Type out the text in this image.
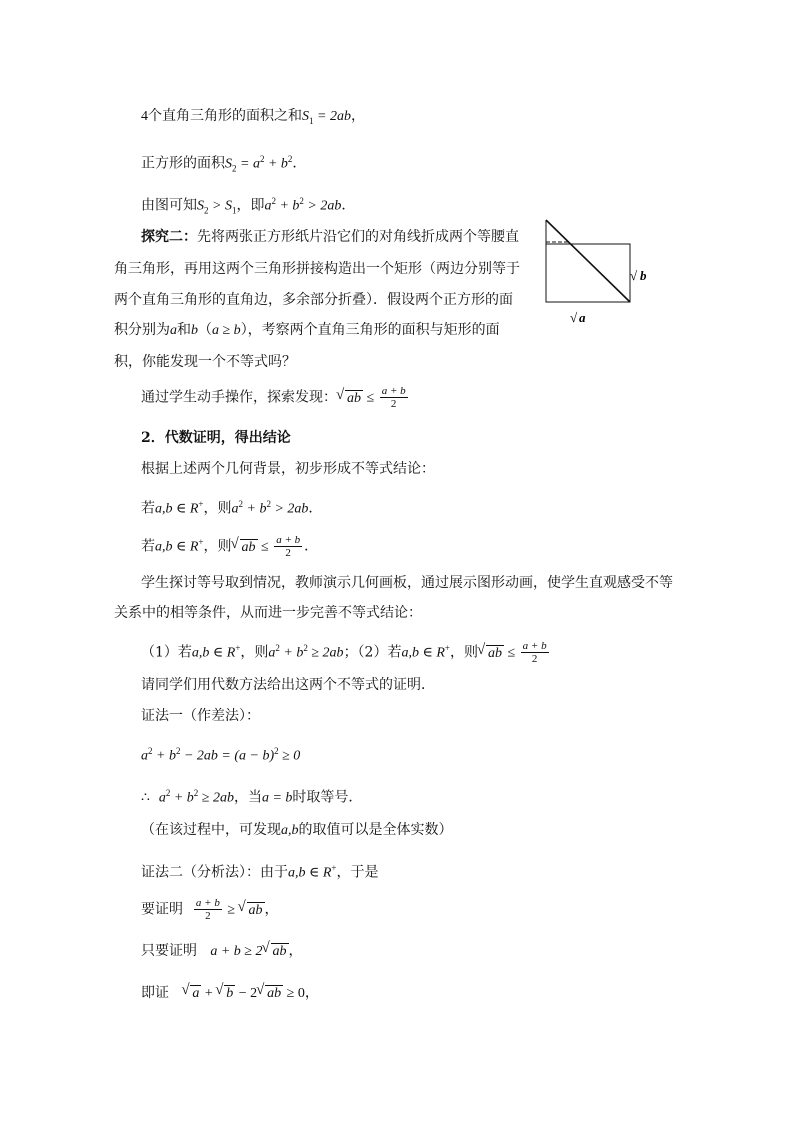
4个直角三角形的面积之和$S_1 = 2ab$，
正方形的面积$S_2 = a^2 + b^2$．
由图可知$S_2 > S_1$，即$a^2 + b^2 > 2ab$．
探究二：先将两张正方形纸片沿它们的对角线折成两个等腰直
角三角形，再用这两个三角形拼接构造出一个矩形（两边分别等于
两个直角三角形的直角边，多余部分折叠）．假设两个正方形的面
积分别为a和b（a ≥ b），考察两个直角三角形的面积与矩形的面
积，你能发现一个不等式吗？
√ b
√ a
通过学生动手操作，探索发现： √ ab ≤ $\frac{a + b}{2}$
2．代数证明，得出结论
根据上述两个几何背景，初步形成不等式结论：
若a,b ∈ R+，则$a^2 + b^2 > 2ab$．
若a,b ∈ R+，则 √ ab ≤ $\frac{a + b}{2}$ ．
学生探讨等号取到情况，教师演示几何画板，通过展示图形动画，使学生直观感受不等
关系中的相等条件，从而进一步完善不等式结论：
（1）若a,b ∈ R+，则$a^2 + b^2 \ge 2ab$；（2）若a,b ∈ R+，则 √ ab ≤ $\frac{a + b}{2}$
请同学们用代数方法给出这两个不等式的证明．
证法一（作差法）：
$a^2 + b^2 - 2ab = (a - b)^2 \ge 0$
∴ $a^2 + b^2 \ge 2ab$，当a = b时取等号．
（在该过程中，可发现a,b的取值可以是全体实数）
证法二（分析法）：由于a,b ∈ R+，于是
要证明 $\frac{a + b}{2}$ ≥ √ ab ，
只要证明 a + b ≥ 2 √ ab ，
即证 √ a + √ b − 2 √ ab ≥ 0，
